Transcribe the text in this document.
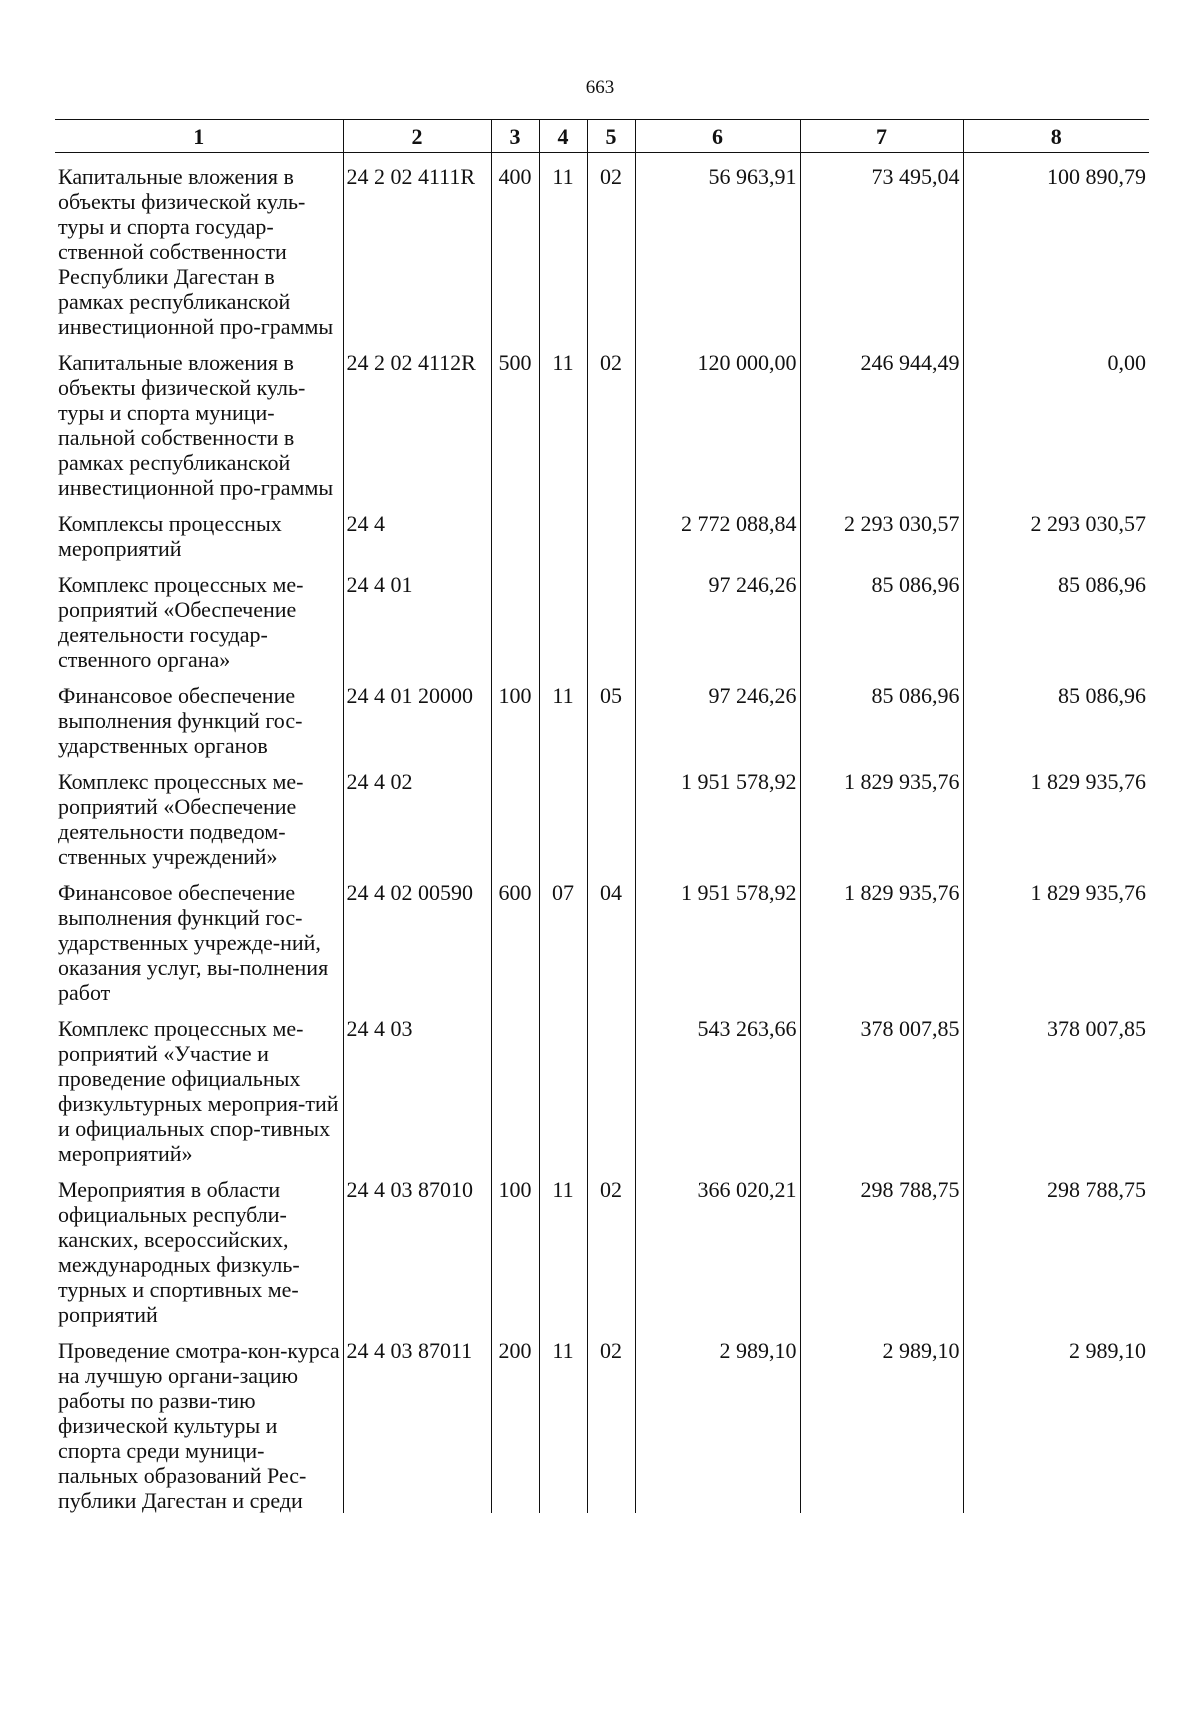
663
1	2	3	4	5	6	7	8
Капитальные вложения в объекты физической куль-туры и спорта государ-ственной собственности Республики Дагестан в рамках республиканской инвестиционной про-граммы	24 2 02 4111R	400	11	02	56 963,91	73 495,04	100 890,79
Капитальные вложения в объекты физической куль-туры и спорта муници-пальной собственности в рамках республиканской инвестиционной про-граммы	24 2 02 4112R	500	11	02	120 000,00	246 944,49	0,00
Комплексы процессных мероприятий	24 4				2 772 088,84	2 293 030,57	2 293 030,57
Комплекс процессных ме-роприятий «Обеспечение деятельности государ-ственного органа»	24 4 01				97 246,26	85 086,96	85 086,96
Финансовое обеспечение выполнения функций гос-ударственных органов	24 4 01 20000	100	11	05	97 246,26	85 086,96	85 086,96
Комплекс процессных ме-роприятий «Обеспечение деятельности подведом-ственных учреждений»	24 4 02				1 951 578,92	1 829 935,76	1 829 935,76
Финансовое обеспечение выполнения функций гос-ударственных учрежде-ний, оказания услуг, вы-полнения работ	24 4 02 00590	600	07	04	1 951 578,92	1 829 935,76	1 829 935,76
Комплекс процессных ме-роприятий «Участие и проведение официальных физкультурных мероприя-тий и официальных спор-тивных мероприятий»	24 4 03				543 263,66	378 007,85	378 007,85
Мероприятия в области официальных республи-канских, всероссийских, международных физкуль-турных и спортивных ме-роприятий	24 4 03 87010	100	11	02	366 020,21	298 788,75	298 788,75
Проведение смотра-кон-курса на лучшую органи-зацию работы по разви-тию физической культуры и спорта среди муници-пальных образований Рес-публики Дагестан и среди	24 4 03 87011	200	11	02	2 989,10	2 989,10	2 989,10
